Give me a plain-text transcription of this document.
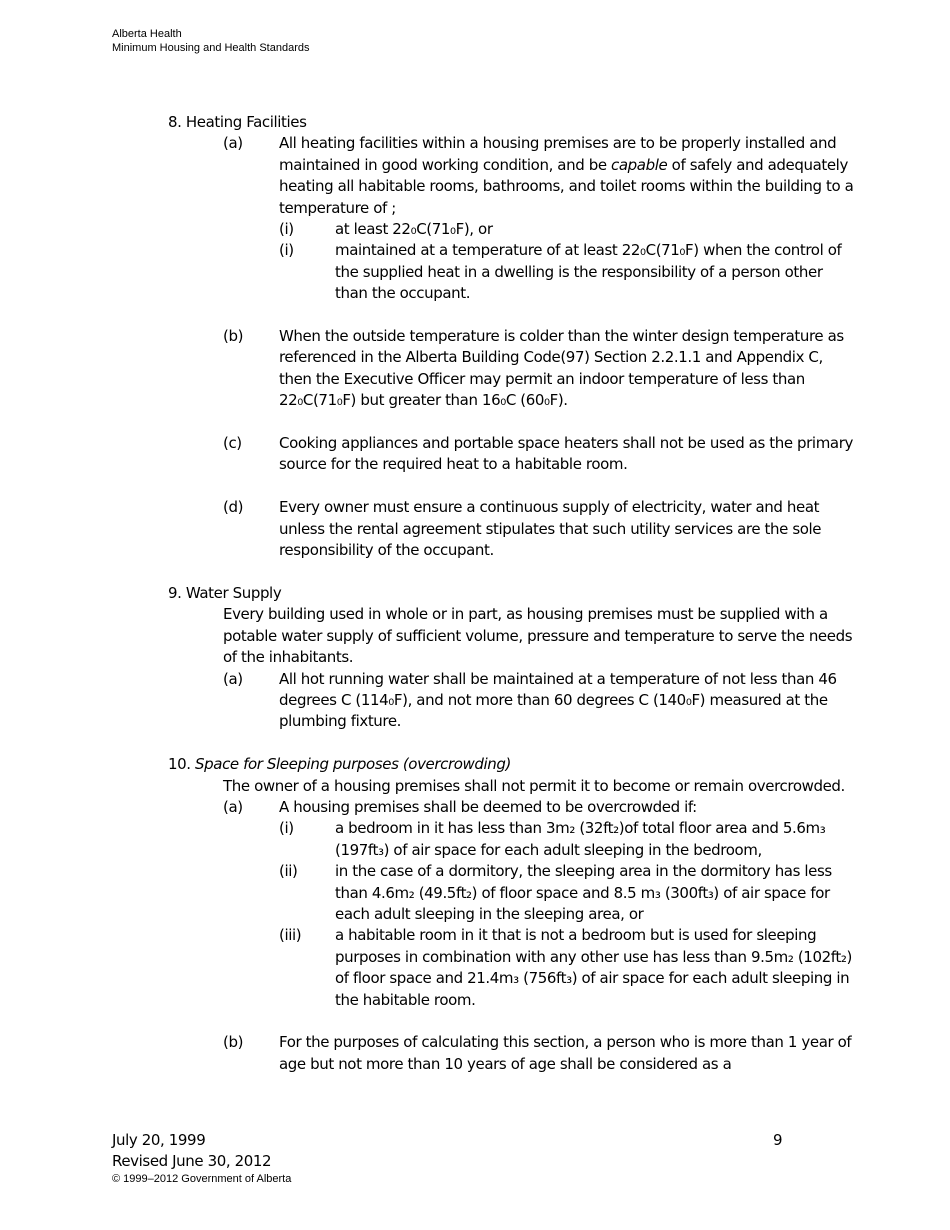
Alberta Health
Minimum Housing and Health Standards
8. Heating Facilities
(a) All heating facilities within a housing premises are to be properly installed and maintained in good working condition, and be capable of safely and adequately heating all habitable rooms, bathrooms, and toilet rooms within the building to a temperature of ;
(i)	at least 22₀C(71₀F), or
(i)	maintained at a temperature of at least 22₀C(71₀F) when the control of the supplied heat in a dwelling is the responsibility of a person other than the occupant.
(b) When the outside temperature is colder than the winter design temperature as referenced in the Alberta Building Code(97) Section 2.2.1.1 and Appendix C, then the Executive Officer may permit an indoor temperature of less than 22₀C(71₀F) but greater than 16₀C (60₀F).
(c) Cooking appliances and portable space heaters shall not be used as the primary source for the required heat to a habitable room.
(d) Every owner must ensure a continuous supply of electricity, water and heat unless the rental agreement stipulates that such utility services are the sole responsibility of the occupant.
9. Water Supply
Every building used in whole or in part, as housing premises must be supplied with a potable water supply of sufficient volume, pressure and temperature to serve the needs of the inhabitants.
(a) All hot running water shall be maintained at a temperature of not less than 46 degrees C (114₀F), and not more than 60 degrees C (140₀F) measured at the plumbing fixture.
10. Space for Sleeping purposes (overcrowding)
The owner of a housing premises shall not permit it to become or remain overcrowded.
(a) A housing premises shall be deemed to be overcrowded if:
(i)	a bedroom in it has less than 3m₂ (32ft₂)of total floor area and 5.6m₃ (197ft₃) of air space for each adult sleeping in the bedroom,
(ii)	in the case of a dormitory, the sleeping area in the dormitory has less than 4.6m₂ (49.5ft₂) of floor space and 8.5 m₃ (300ft₃) of air space for each adult sleeping in the sleeping area, or
(iii) a habitable room in it that is not a bedroom but is used for sleeping purposes in combination with any other use has less than 9.5m₂ (102ft₂) of floor space and 21.4m₃ (756ft₃) of air space for each adult sleeping in the habitable room.
(b) For the purposes of calculating this section, a person who is more than 1 year of age but not more than 10 years of age shall be considered as a
July 20, 1999
Revised June 30, 2012
9
© 1999–2012 Government of Alberta
